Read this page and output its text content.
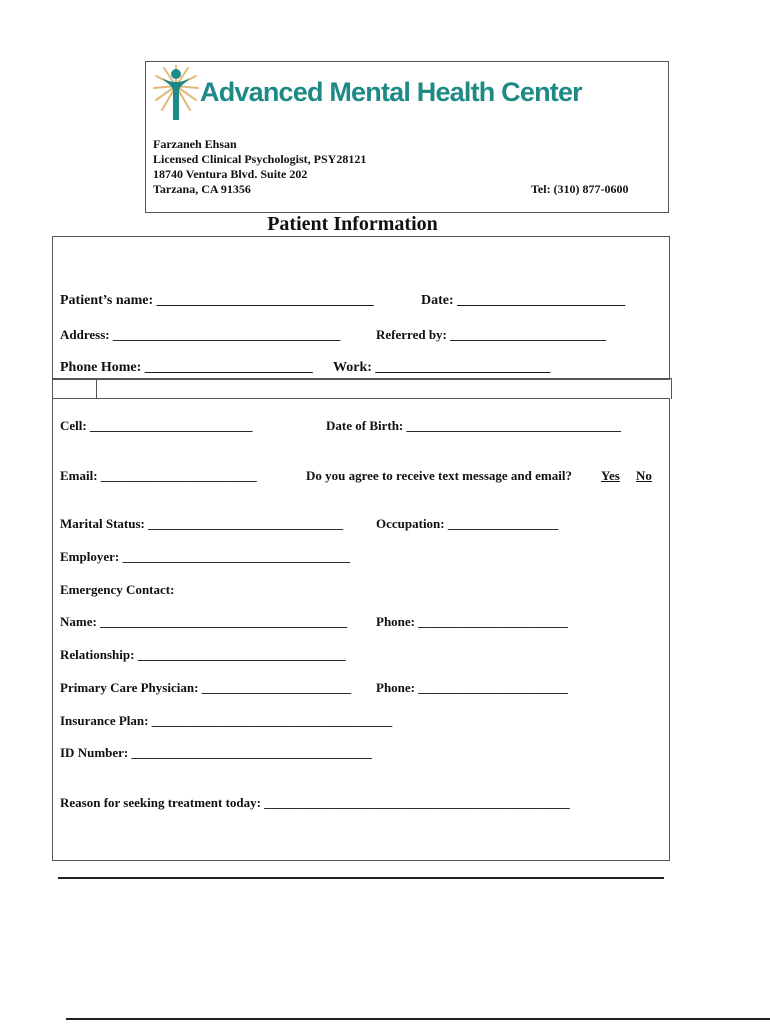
Advanced Mental Health Center
Farzaneh Ehsan
Licensed Clinical Psychologist, PSY28121
18740 Ventura Blvd. Suite 202
Tarzana, CA 91356	Tel: (310) 877-0600
Patient Information
Patient’s name: _______________________________	Date: ________________________
Address: ___________________________________	Referred by: ________________________
Phone Home: ________________________ Work: _________________________
Cell: _________________________	Date of Birth: _________________________________
Email: ________________________	Do you agree to receive text message and email? Yes No
Marital Status: ______________________________	Occupation: _________________
Employer: ___________________________________
Emergency Contact:
Name: ______________________________________ Phone: _______________________
Relationship: ________________________________
Primary Care Physician: _______________________ Phone: _______________________
Insurance Plan: _____________________________________
ID Number: _____________________________________
Reason for seeking treatment today: _______________________________________________
